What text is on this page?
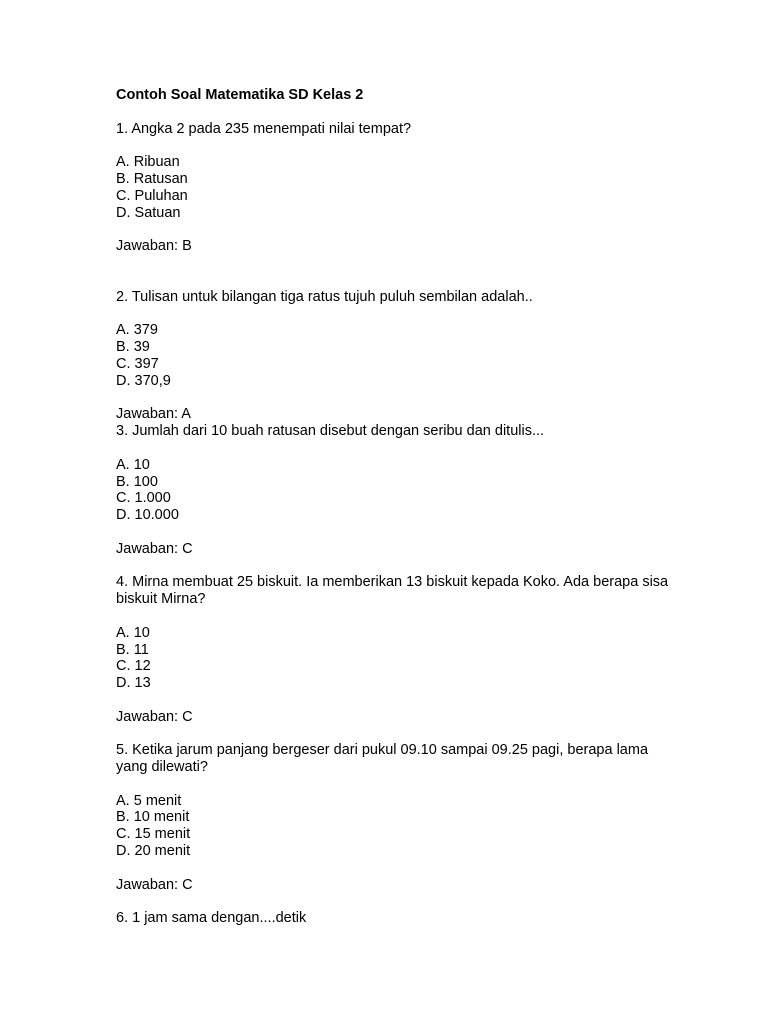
Contoh Soal Matematika SD Kelas 2

1. Angka 2 pada 235 menempati nilai tempat?

A. Ribuan
B. Ratusan
C. Puluhan
D. Satuan

Jawaban: B

2. Tulisan untuk bilangan tiga ratus tujuh puluh sembilan adalah..

A. 379
B. 39
C. 397
D. 370,9

Jawaban: A

3. Jumlah dari 10 buah ratusan disebut dengan seribu dan ditulis...

A. 10
B. 100
C. 1.000
D. 10.000

Jawaban: C

4. Mirna membuat 25 biskuit. Ia memberikan 13 biskuit kepada Koko. Ada berapa sisa biskuit Mirna?

A. 10
B. 11
C. 12
D. 13

Jawaban: C

5. Ketika jarum panjang bergeser dari pukul 09.10 sampai 09.25 pagi, berapa lama yang dilewati?

A. 5 menit
B. 10 menit
C. 15 menit
D. 20 menit

Jawaban: C

6. 1 jam sama dengan....detik
